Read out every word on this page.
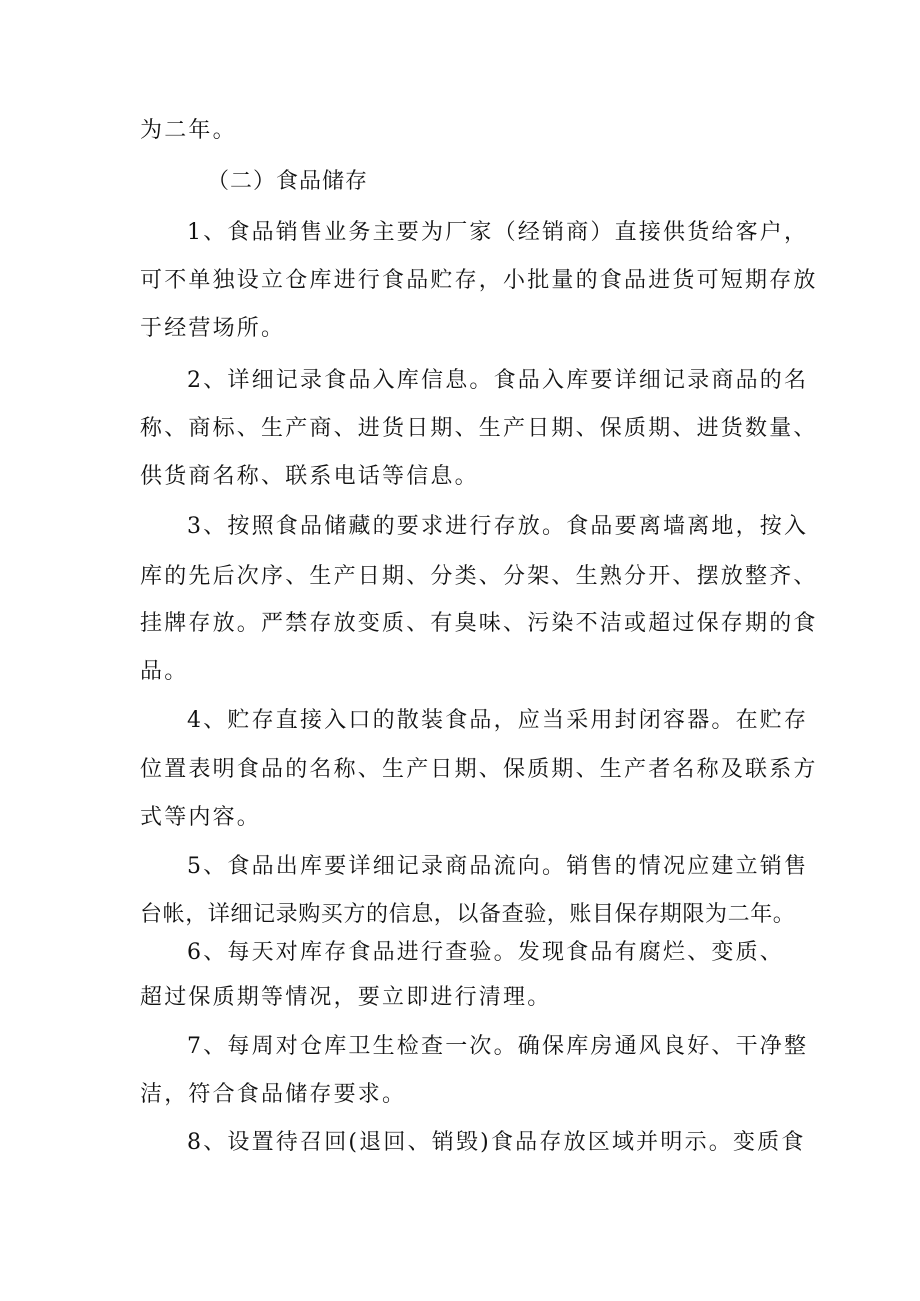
为二年。
（二）食品储存
1、食品销售业务主要为厂家（经销商）直接供货给客户，
可不单独设立仓库进行食品贮存，小批量的食品进货可短期存放
于经营场所。
2、详细记录食品入库信息。食品入库要详细记录商品的名
称、商标、生产商、进货日期、生产日期、保质期、进货数量、
供货商名称、联系电话等信息。
3、按照食品储藏的要求进行存放。食品要离墙离地，按入
库的先后次序、生产日期、分类、分架、生熟分开、摆放整齐、
挂牌存放。严禁存放变质、有臭味、污染不洁或超过保存期的食
品。
4、贮存直接入口的散装食品，应当采用封闭容器。在贮存
位置表明食品的名称、生产日期、保质期、生产者名称及联系方
式等内容。
5、食品出库要详细记录商品流向。销售的情况应建立销售
台帐，详细记录购买方的信息，以备查验，账目保存期限为二年。
6、每天对库存食品进行查验。发现食品有腐烂、变质、
超过保质期等情况，要立即进行清理。
7、每周对仓库卫生检查一次。确保库房通风良好、干净整
洁，符合食品储存要求。
8、设置待召回(退回、销毁)食品存放区域并明示。变质食
